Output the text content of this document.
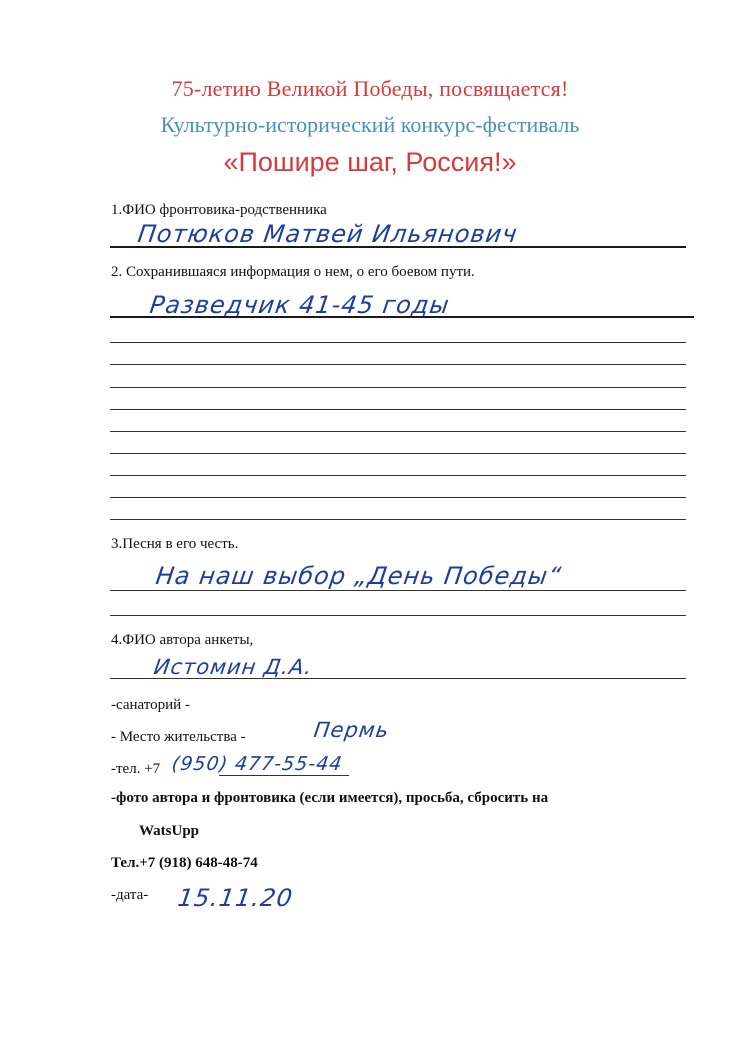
75-летию Великой Победы, посвящается!
Культурно-исторический конкурс-фестиваль
«Пошире шаг, Россия!»
1.ФИО фронтовика-родственника
Потюков Матвей Ильянович
2. Сохранившаяся информация о нем, о его боевом пути.
Разведчик 41-45 годы
3.Песня в его честь.
На наш выбор „День Победы“
4.ФИО автора анкеты,
Истомин Д.А.
-санаторий -
- Место жительства -	Пермь
-тел. +7 (950) 477-55-44
-фото автора и фронтовика (если имеется), просьба, сбросить на
WatsUpp
Тел.+7 (918) 648-48-74
-дата- 15.11.20
